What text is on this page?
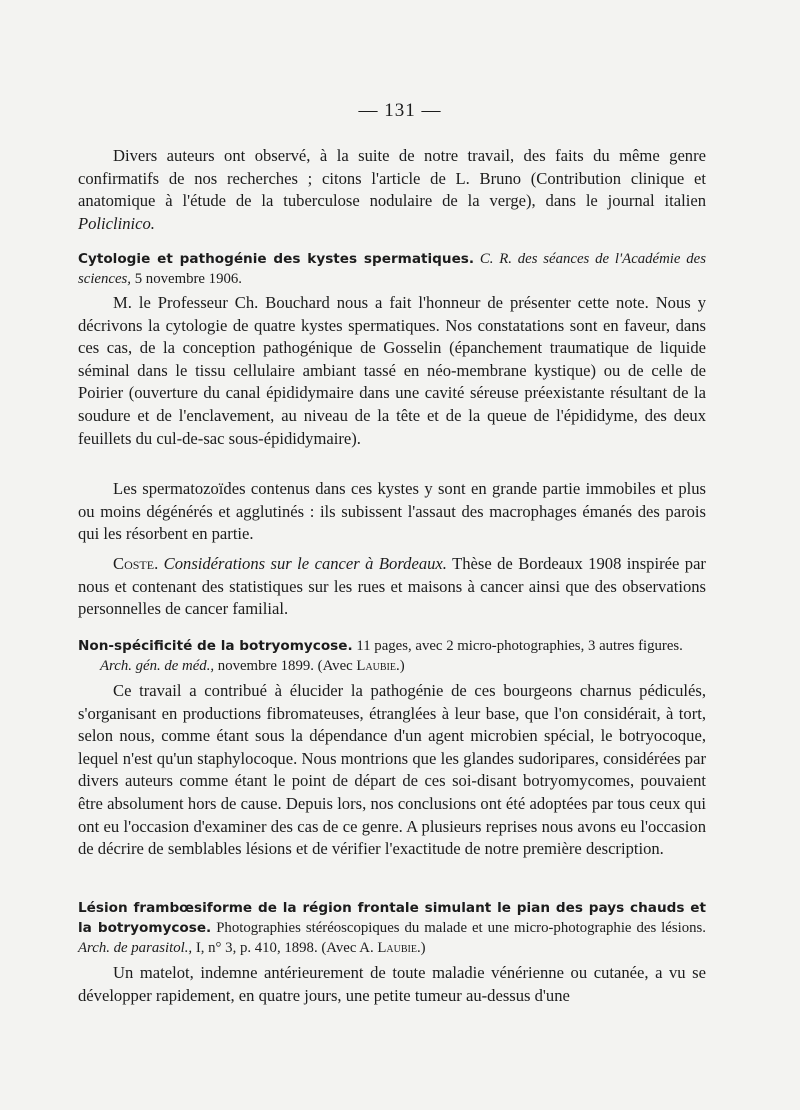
— 131 —
Divers auteurs ont observé, à la suite de notre travail, des faits du même genre confirmatifs de nos recherches ; citons l'article de L. Bruno (Contribution clinique et anatomique à l'étude de la tuberculose nodulaire de la verge), dans le journal italien Policlinico.
Cytologie et pathogénie des kystes spermatiques. C. R. des séances de l'Académie des sciences, 5 novembre 1906.
M. le Professeur Ch. Bouchard nous a fait l'honneur de présenter cette note. Nous y décrivons la cytologie de quatre kystes spermatiques. Nos constatations sont en faveur, dans ces cas, de la conception pathogénique de Gosselin (épanchement traumatique de liquide séminal dans le tissu cellulaire ambiant tassé en néo-membrane kystique) ou de celle de Poirier (ouverture du canal épididymaire dans une cavité séreuse préexistante résultant de la soudure et de l'enclavement, au niveau de la tête et de la queue de l'épididyme, des deux feuillets du cul-de-sac sous-épididymaire).
Les spermatozoïdes contenus dans ces kystes y sont en grande partie immobiles et plus ou moins dégénérés et agglutinés : ils subissent l'assaut des macrophages émanés des parois qui les résorbent en partie.
Coste. Considérations sur le cancer à Bordeaux. Thèse de Bordeaux 1908 inspirée par nous et contenant des statistiques sur les rues et maisons à cancer ainsi que des observations personnelles de cancer familial.
Non-spécificité de la botryomycose. 11 pages, avec 2 micro-photographies, 3 autres figures.
Arch. gén. de méd., novembre 1899. (Avec Laubie.)
Ce travail a contribué à élucider la pathogénie de ces bourgeons charnus pédiculés, s'organisant en productions fibromateuses, étranglées à leur base, que l'on considérait, à tort, selon nous, comme étant sous la dépendance d'un agent microbien spécial, le botryocoque, lequel n'est qu'un staphylocoque. Nous montrions que les glandes sudoripares, considérées par divers auteurs comme étant le point de départ de ces soi-disant botryomycomes, pouvaient être absolument hors de cause. Depuis lors, nos conclusions ont été adoptées par tous ceux qui ont eu l'occasion d'examiner des cas de ce genre. A plusieurs reprises nous avons eu l'occasion de décrire de semblables lésions et de vérifier l'exactitude de notre première description.
Lésion frambœsiforme de la région frontale simulant le pian des pays chauds et la botryomycose. Photographies stéréoscopiques du malade et une micro-photographie des lésions. Arch. de parasitol., I, n° 3, p. 410, 1898. (Avec A. Laubie.)
Un matelot, indemne antérieurement de toute maladie vénérienne ou cutanée, a vu se développer rapidement, en quatre jours, une petite tumeur au-dessus d'une
